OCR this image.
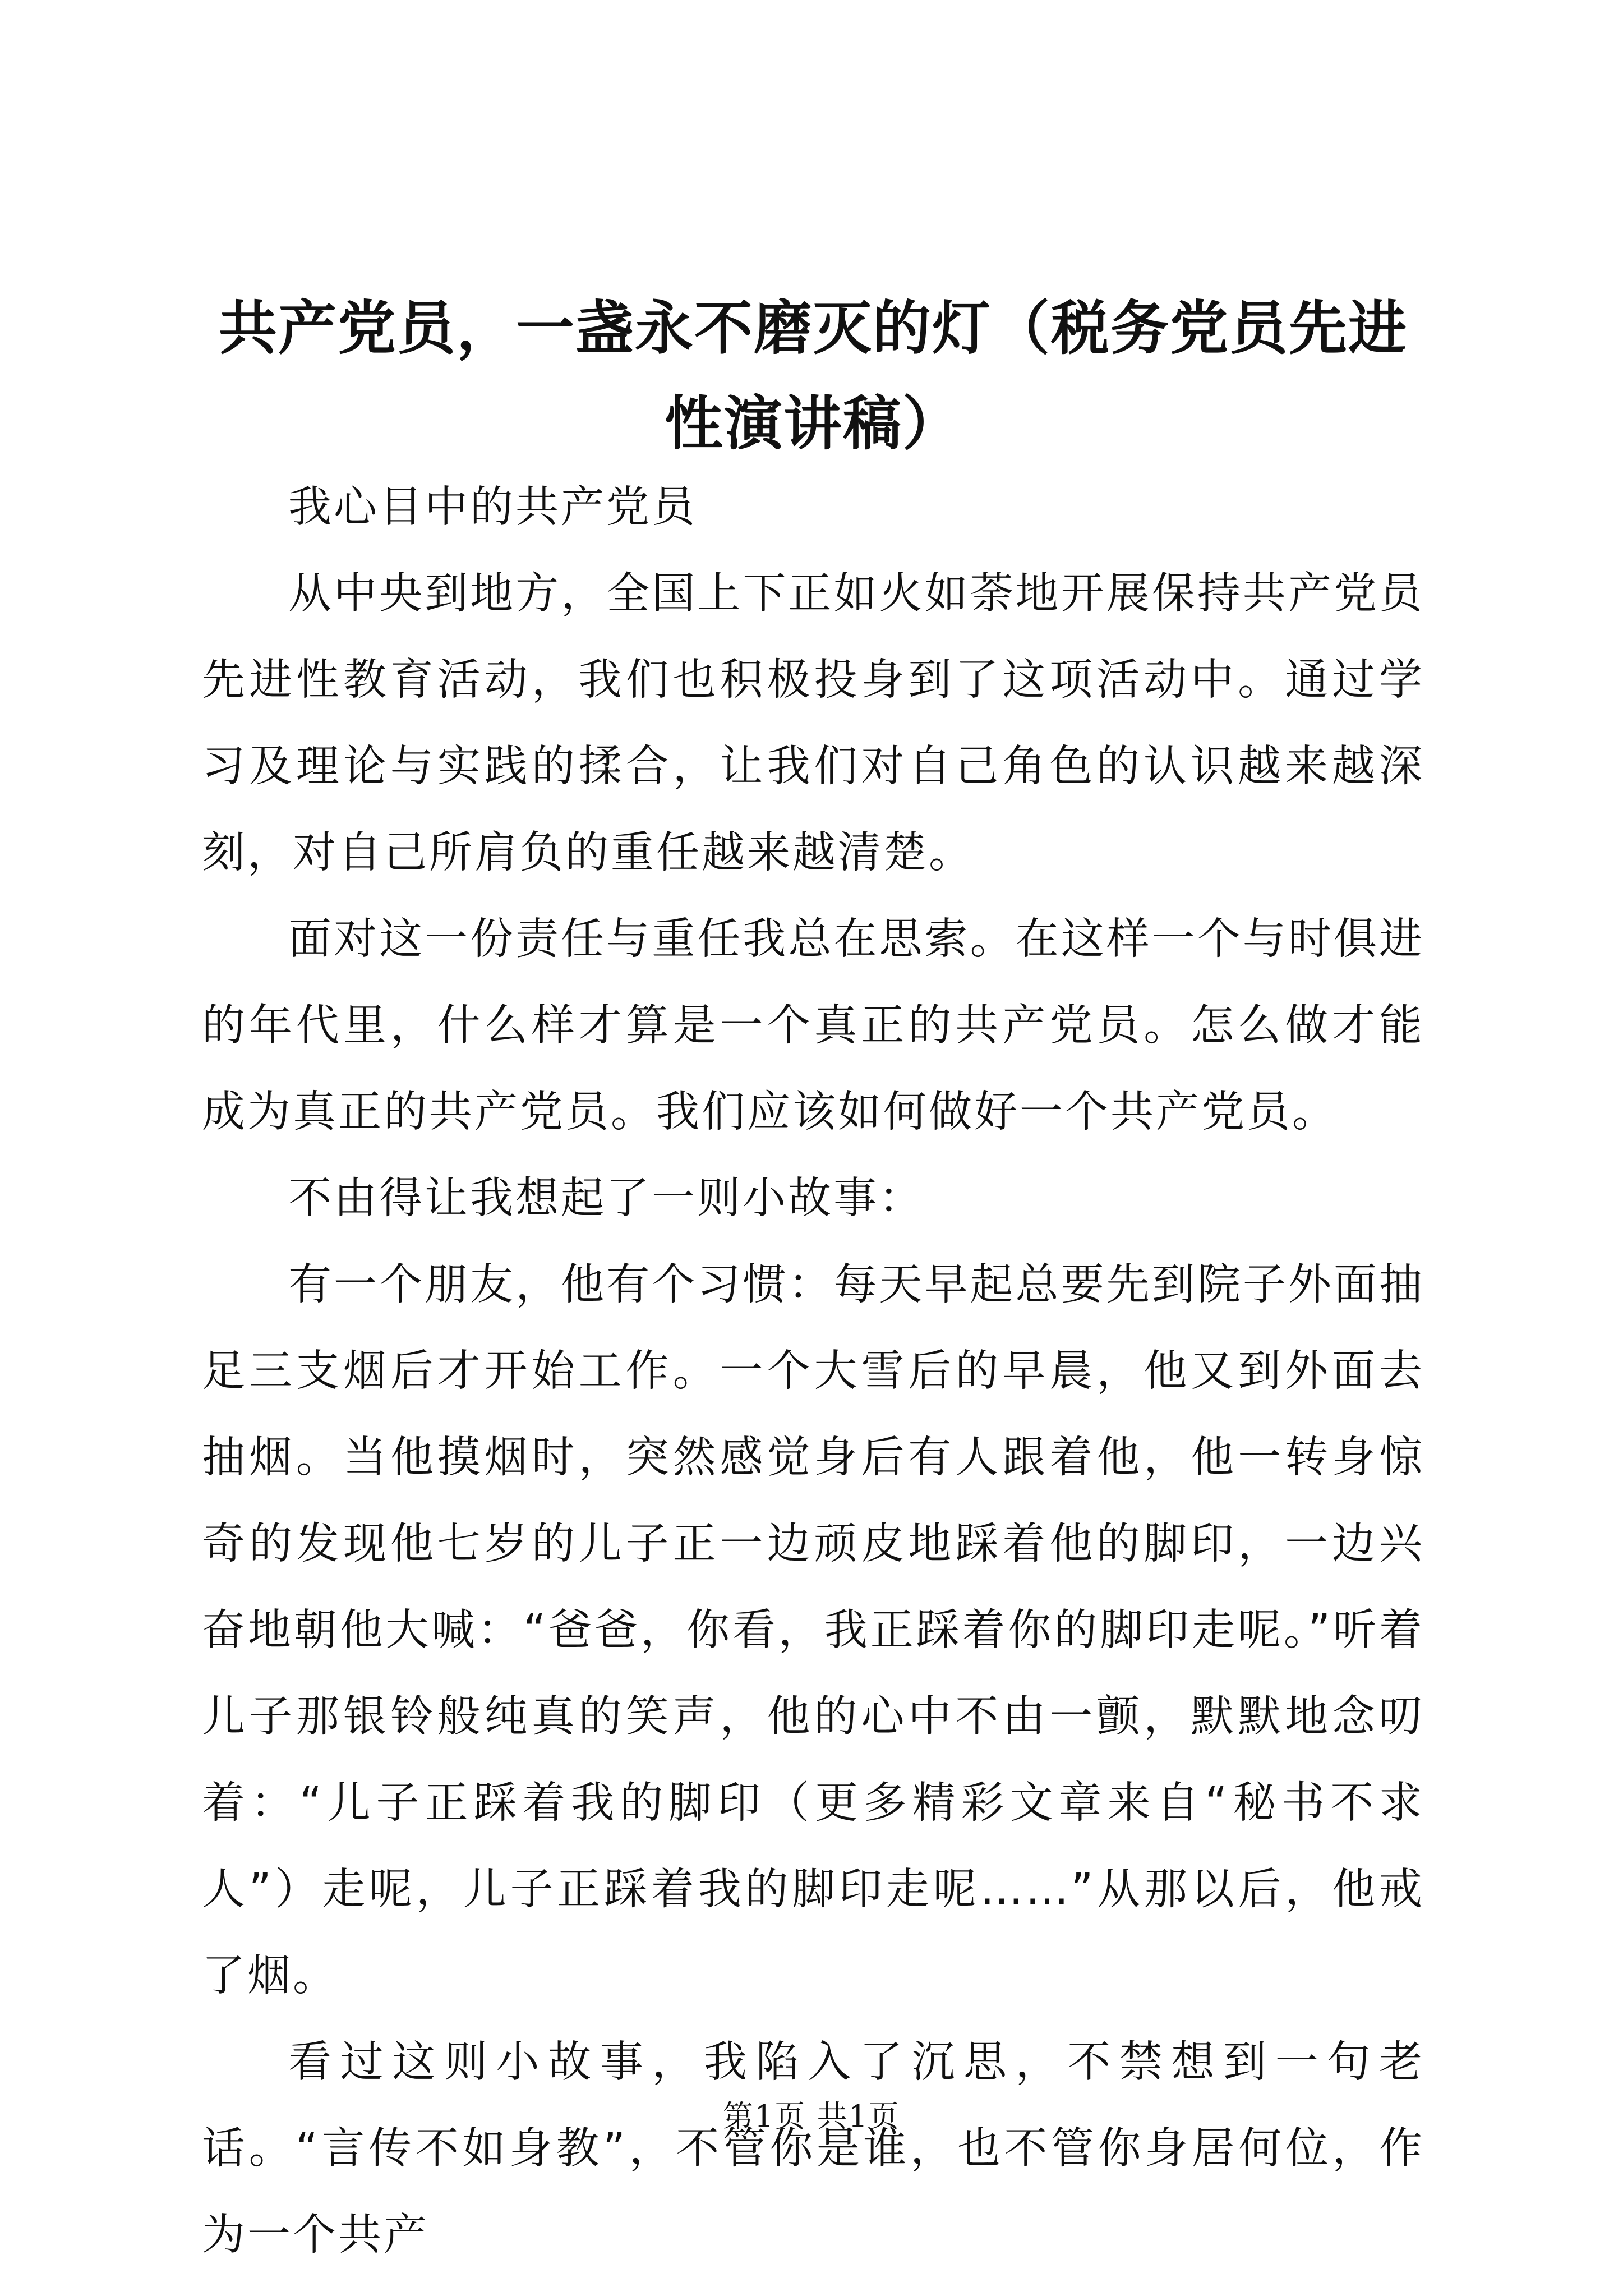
共产党员，一盏永不磨灭的灯（税务党员先进性演讲稿）

我心目中的共产党员

从中央到地方，全国上下正如火如荼地开展保持共产党员先进性教育活动，我们也积极投身到了这项活动中。通过学习及理论与实践的揉合，让我们对自己角色的认识越来越深刻，对自己所肩负的重任越来越清楚。

面对这一份责任与重任我总在思索。在这样一个与时俱进的年代里，什么样才算是一个真正的共产党员。怎么做才能成为真正的共产党员。我们应该如何做好一个共产党员。

不由得让我想起了一则小故事：

有一个朋友，他有个习惯：每天早起总要先到院子外面抽足三支烟后才开始工作。一个大雪后的早晨，他又到外面去抽烟。当他摸烟时，突然感觉身后有人跟着他，他一转身惊奇的发现他七岁的儿子正一边顽皮地踩着他的脚印，一边兴奋地朝他大喊：“爸爸，你看，我正踩着你的脚印走呢。”听着儿子那银铃般纯真的笑声，他的心中不由一颤，默默地念叨着：“儿子正踩着我的脚印（更多精彩文章来自“秘书不求人”）走呢，儿子正踩着我的脚印走呢……”从那以后，他戒了烟。

看过这则小故事，我陷入了沉思，不禁想到一句老话。“言传不如身教”，不管你是谁，也不管你身居何位，作为一个共产

第1页 共1页
